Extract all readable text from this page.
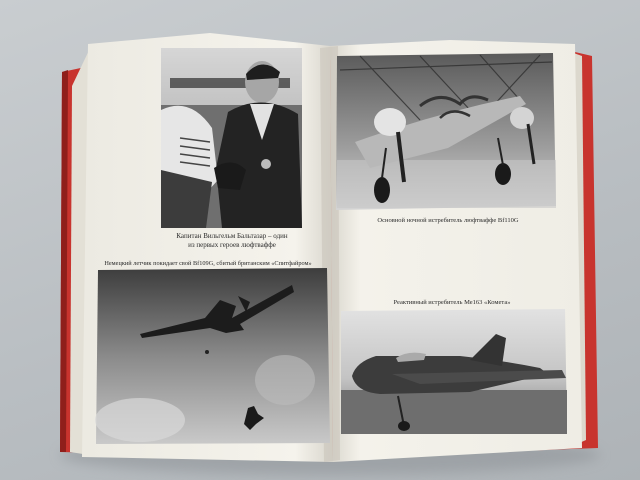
Капитан Вильгельм Бальтазар – один
из первых героев люфтваффе
Немецкий летчик покидает свой Bf109G, сбитый британским «Спитфайром»
Основной ночной истребитель люфтваффе Bf110G
Реактивный истребитель Ме163 «Комета»
